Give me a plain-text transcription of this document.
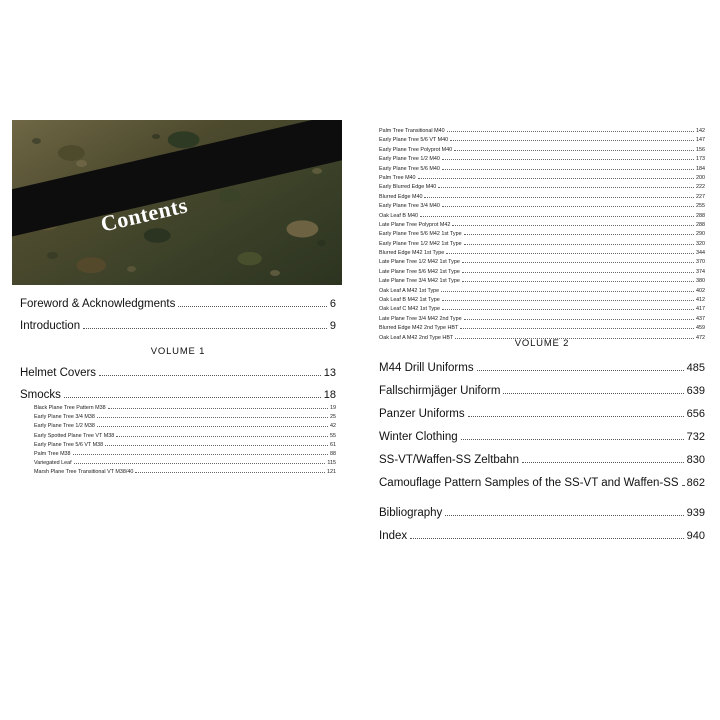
Contents
Foreword & Acknowledgments	6
Introduction	9
VOLUME 1
Helmet Covers	13
Smocks	18
Black Plane Tree Pattern M38	19
Early Plane Tree 3/4 M38	25
Early Plane Tree 1/2 M38	42
Early Spotted Plane Tree VT M38	55
Early Plane Tree 5/6 VT M38	61
Palm Tree M38	88
Variegated Leaf	115
Marsh Plane Tree Transitional VT M38/40	121
Palm Tree Transitional M40	142
Early Plane Tree 5/6 VT M40	147
Early Plane Tree Polyprot M40	156
Early Plane Tree 1/2 M40	173
Early Plane Tree 5/6 M40	184
Palm Tree M40	200
Early Blurred Edge M40	222
Blurred Edge M40	227
Early Plane Tree 3/4 M40	255
Oak Leaf B M40	288
Late Plane Tree Polyprot M42	288
Early Plane Tree 5/6 M42 1st Type	290
Early Plane Tree 1/2 M42 1st Type	320
Blurred Edge M42 1st Type	344
Late Plane Tree 1/2 M42 1st Type	370
Late Plane Tree 5/6 M42 1st Type	374
Late Plane Tree 3/4 M42 1st Type	380
Oak Leaf A M42 1st Type	402
Oak Leaf B M42 1st Type	412
Oak Leaf C M42 1st Type	417
Late Plane Tree 3/4 M42 2nd Type	437
Blurred Edge M42 2nd Type HBT	459
Oak Leaf A M42 2nd Type HBT	472
VOLUME 2
M44 Drill Uniforms	485
Fallschirmjäger Uniform	639
Panzer Uniforms	656
Winter Clothing	732
SS-VT/Waffen-SS Zeltbahn	830
Camouflage Pattern Samples of the SS-VT and Waffen-SS 862
Bibliography	939
Index	940
